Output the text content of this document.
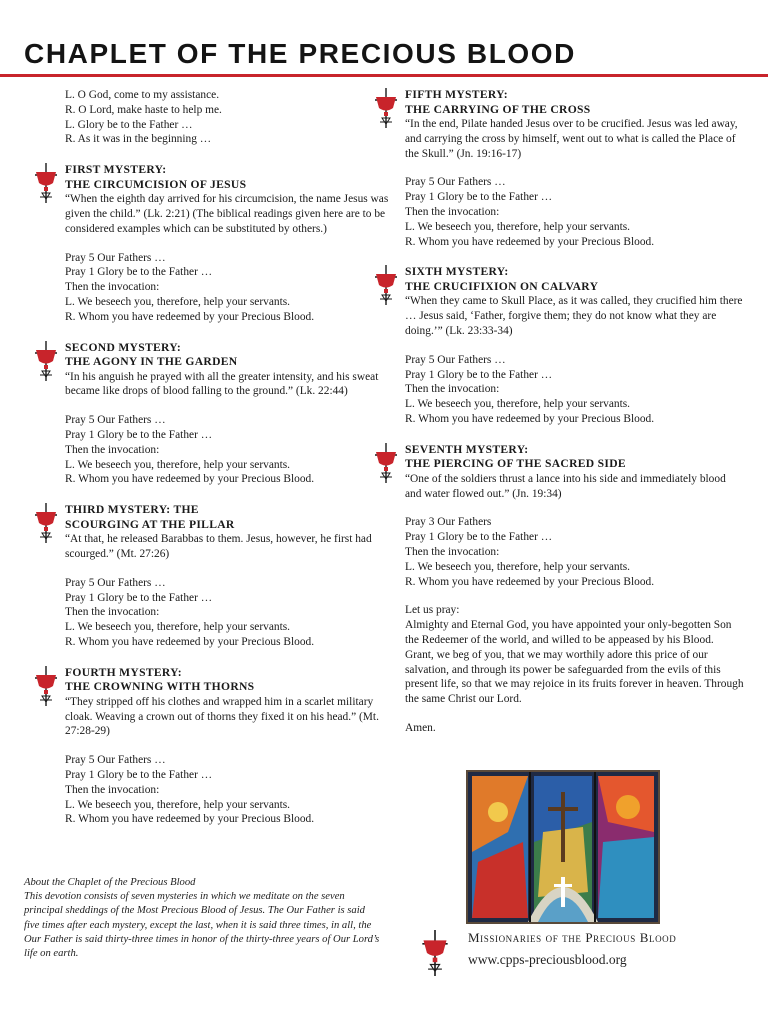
CHAPLET OF THE PRECIOUS BLOOD
L. O God, come to my assistance.
R. O Lord, make haste to help me.
L. Glory be to the Father …
R. As it was in the beginning …
FIRST MYSTERY:
THE CIRCUMCISION OF JESUS

“When the eighth day arrived for his circumcision, the name Jesus was given the child.” (Lk. 2:21) (The biblical readings given here are to be considered examples which can be substituted by others.)

Pray 5 Our Fathers …
Pray 1 Glory be to the Father …
Then the invocation:
L. We beseech you, therefore, help your servants.
R. Whom you have redeemed by your Precious Blood.
SECOND MYSTERY:
THE AGONY IN THE GARDEN

“In his anguish he prayed with all the greater intensity, and his sweat became like drops of blood falling to the ground.” (Lk. 22:44)

Pray 5 Our Fathers …
Pray 1 Glory be to the Father …
Then the invocation:
L. We beseech you, therefore, help your servants.
R. Whom you have redeemed by your Precious Blood.
THIRD MYSTERY: THE
SCOURGING AT THE PILLAR

“At that, he released Barabbas to them. Jesus, however, he first had scourged.” (Mt. 27:26)

Pray 5 Our Fathers …
Pray 1 Glory be to the Father …
Then the invocation:
L. We beseech you, therefore, help your servants.
R. Whom you have redeemed by your Precious Blood.
FOURTH MYSTERY:
THE CROWNING WITH THORNS

“They stripped off his clothes and wrapped him in a scarlet military cloak. Weaving a crown out of thorns they fixed it on his head.” (Mt. 27:28-29)

Pray 5 Our Fathers …
Pray 1 Glory be to the Father …
Then the invocation:
L. We beseech you, therefore, help your servants.
R. Whom you have redeemed by your Precious Blood.

About the Chaplet of the Precious Blood

This devotion consists of seven mysteries in which we meditate on the seven principal sheddings of the Most Precious Blood of Jesus. The Our Father is said five times after each mystery, except the last, when it is said three times, in all, the Our Father is said thirty-three times in honor of the thirty-three years of Our Lord’s life on earth.

FIFTH MYSTERY:
THE CARRYING OF THE CROSS

“In the end, Pilate handed Jesus over to be crucified. Jesus was led away, and carrying the cross by himself, went out to what is called the Place of the Skull.” (Jn. 19:16-17)

Pray 5 Our Fathers …
Pray 1 Glory be to the Father …
Then the invocation:
L. We beseech you, therefore, help your servants.
R. Whom you have redeemed by your Precious Blood.
SIXTH MYSTERY:
THE CRUCIFIXION ON CALVARY

“When they came to Skull Place, as it was called, they crucified him there … Jesus said, ‘Father, forgive them; they do not know what they are doing.’” (Lk. 23:33-34)

Pray 5 Our Fathers …
Pray 1 Glory be to the Father …
Then the invocation:
L. We beseech you, therefore, help your servants.
R. Whom you have redeemed by your Precious Blood.
SEVENTH MYSTERY:
THE PIERCING OF THE SACRED SIDE

“One of the soldiers thrust a lance into his side and immediately blood and water flowed out.” (Jn. 19:34)

Pray 3 Our Fathers
Pray 1 Glory be to the Father …
Then the invocation:
L. We beseech you, therefore, help your servants.
R. Whom you have redeemed by your Precious Blood.

Let us pray:

Almighty and Eternal God, you have appointed your only-begotten Son the Redeemer of the world, and willed to be appeased by his Blood. Grant, we beg of you, that we may worthily adore this price of our salvation, and through its power be safeguarded from the evils of this present life, so that we may rejoice in its fruits forever in heaven. Through the same Christ our Lord.

Amen.

Missionaries of the Precious Blood
www.cpps-preciousblood.org
